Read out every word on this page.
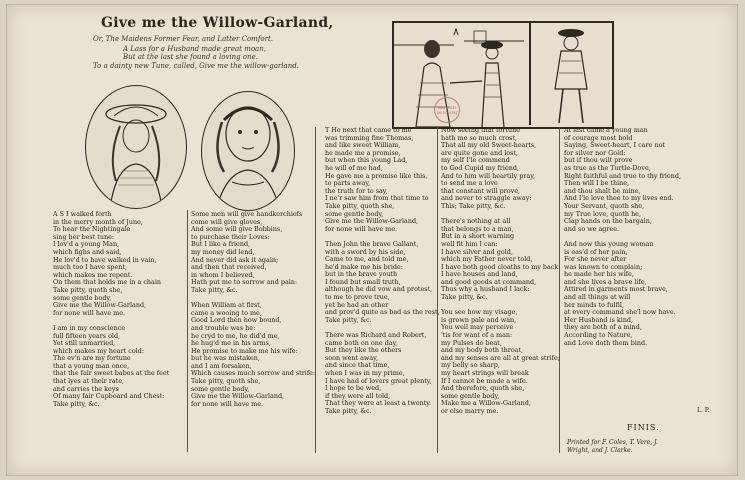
Give me the Willow-Garland,
Or, The Maidens Former Fear, and Latter Comfort.
A Lass for a Husband made great moan,
But at the last she found a loving one.
To a dainty new Tune, called, Give me the willow-garland.
BRITISH MUSEUM
A S I walked forth
in the merry month of June,
To hear the Nightingale
sing her best tune:
I lov'd a young Man,
which fighs and said,
He lov'd to have walked in vain,
much too I have spent,
which makes me repent.
On them that holds me in a chain
Take pitty, quoth she,
some gentle body,
Give me the Willow-Garland,
for none will have me.

I am in my conscience
full fifteen years old,
Yet still unmarried,
which makes my heart cold:
The ev'n are my fortune
that a young man once,
that the fair sweet babes at the feet
that lyes at their rate,
and carries the keys
Of many fair Cupboard and Chest:
Take pitty, &c.
Some men will give handkerchiefs
come will give gloves,
And some will give Bobbins,
to purchase their Loves:
But I like a friend,
my money did lend,
And never did ask it again;
and then that received,
in whom I believed,
Hath put me to sorrow and pain:
Take pitty, &c.

When William at first,
came a wooing to me,
Good Lord then how bound,
and trouble was he:
he cryd to me, he did'd me,
he hug'd me in his arms,
He promise to make me his wife:
but he was mistaken,
and I am forsaken,
Which causes much sorrow and strife:
Take pitty, quoth she,
some gentle body,
Give me the Willow-Garland,
for none will have me.
T He next that came to me
was trimming fine Thomas,
and like sweet William,
he made me a promise,
but when this young Lad,
he will of me had,
He gave me a promise like this,
to parts away,
the truth for to say,
I ne'r saw him from that time to
Take pitty, quoth she,
some gentle body,
Give me the Willow-Garland,
for none will have me.

Then John the brave Gallant,
with a sword by his side,
Came to me, and told me,
he'd make me his bride:
but in the brave youth
I found but small truth,
although he did vow and protest,
to me to prove true,
yet he had an other
and prov'd quite as bad as the rest,
Take pitty, &c.

There was Richard and Robert,
came both on one day,
But they like the others
soon went away,
and since that time,
when I was in my prime,
I have had of lovers great plenty,
I hope to be wed,
if they were all told,
That they were at least a twenty.
Take pitty, &c.
Now seeing that fortune
hath me so much crost,
That all my old Sweet-hearts,
are quite gone and lost,
my self I'le commend
to God Cupid my friend,
And to him will heartily pray,
to send me a love
that constant will prove,
and never to straggle away:
This; Take pitty, &c.

There's nothing at all
that belongs to a man,
But in a short warning
well fit him I can:
I have silver and gold,
which my Father never told,
I have both good cloaths to my back
I have houses and land,
and good goods at command,
Thus why a husband I lack:
Take pitty, &c.

You see how my visage,
is grown pale and wan,
You well may perceive
'tis for want of a man:
my Pulses do beat,
and my body both throat,
and my senses are all at great strife;
my belly so sharp,
my heart strings will break
If I cannot be made a wife.
And therefore, quoth she,
some gentle body,
Make me a Willow-Garland,
or else marry me.
At last came a young man
of courage most bold
Saying, Sweet-heart, I care not
for silver nor Gold:
but if thou wilt prove
as true as the Turtle-Dove,
Right faithful and true to thy friend,
Then will I be thine,
and thou shalt be mine,
And I'le love thee to my lives end.
Your Servant, quoth she,
my True love, quoth he,
Clap hands on the bargain,
and so we agree.

And now this young woman
is eas'd of her pain,
For she never after
was known to complain;
he made her his wife,
and she lives a brave life,
Attired in garments most brave,
and all things at will
her minds to fulfil,
at every command she'l now have.
Her Husband is kind,
they are both of a mind,
According to Nature,
and Love doth them bind.
L. P.
FINIS.
Printed for F. Coles, T. Vere, J.
Wright, and J. Clarke.
